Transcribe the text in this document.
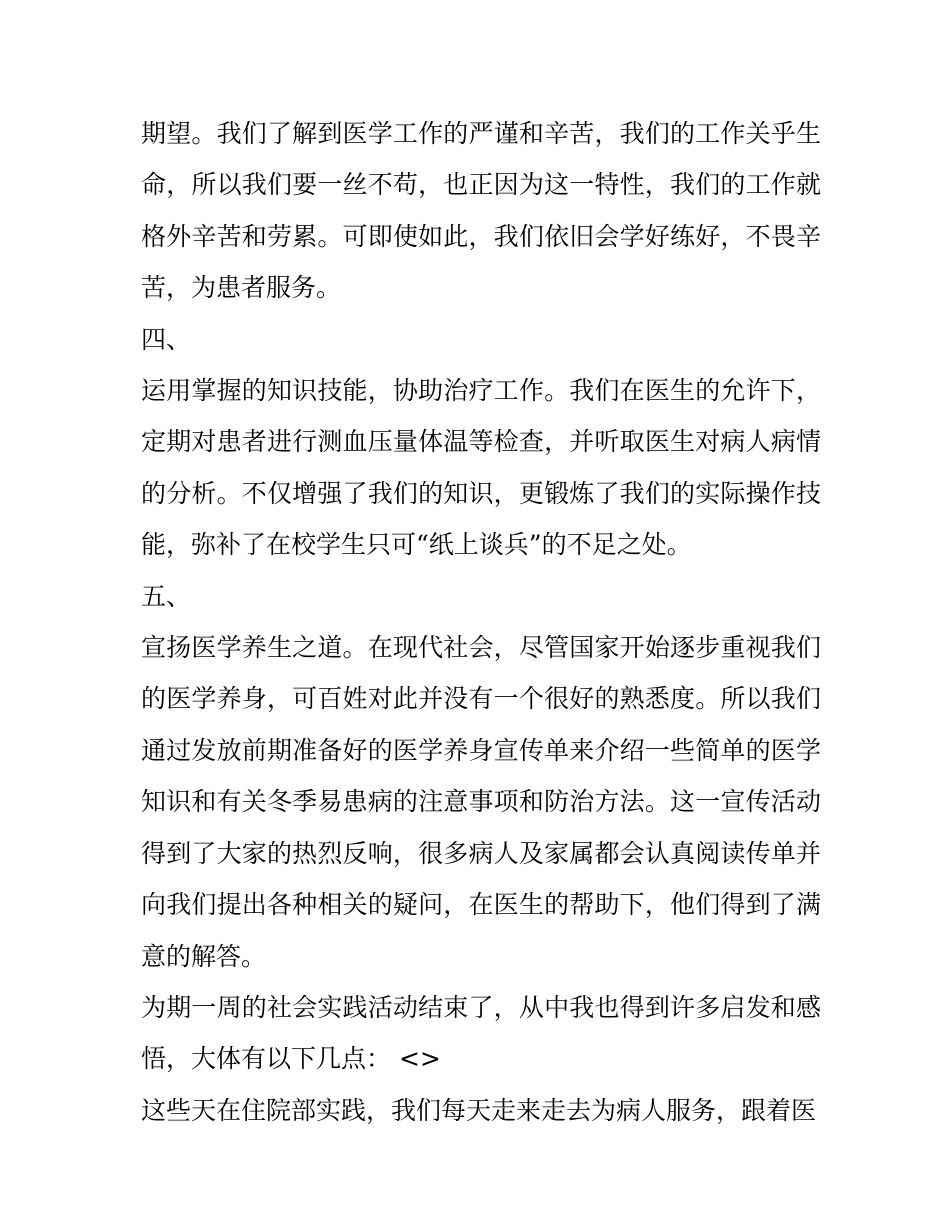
期望。我们了解到医学工作的严谨和辛苦，我们的工作关乎生命，所以我们要一丝不苟，也正因为这一特性，我们的工作就格外辛苦和劳累。可即使如此，我们依旧会学好练好，不畏辛苦，为患者服务。

四、

运用掌握的知识技能，协助治疗工作。我们在医生的允许下，定期对患者进行测血压量体温等检查，并听取医生对病人病情的分析。不仅增强了我们的知识，更锻炼了我们的实际操作技能，弥补了在校学生只可“纸上谈兵”的不足之处。

五、

宣扬医学养生之道。在现代社会，尽管国家开始逐步重视我们的医学养身，可百姓对此并没有一个很好的熟悉度。所以我们通过发放前期准备好的医学养身宣传单来介绍一些简单的医学知识和有关冬季易患病的注意事项和防治方法。这一宣传活动得到了大家的热烈反响，很多病人及家属都会认真阅读传单并向我们提出各种相关的疑问，在医生的帮助下，他们得到了满意的解答。

为期一周的社会实践活动结束了，从中我也得到许多启发和感悟，大体有以下几点： <>

这些天在住院部实践，我们每天走来走去为病人服务，跟着医
